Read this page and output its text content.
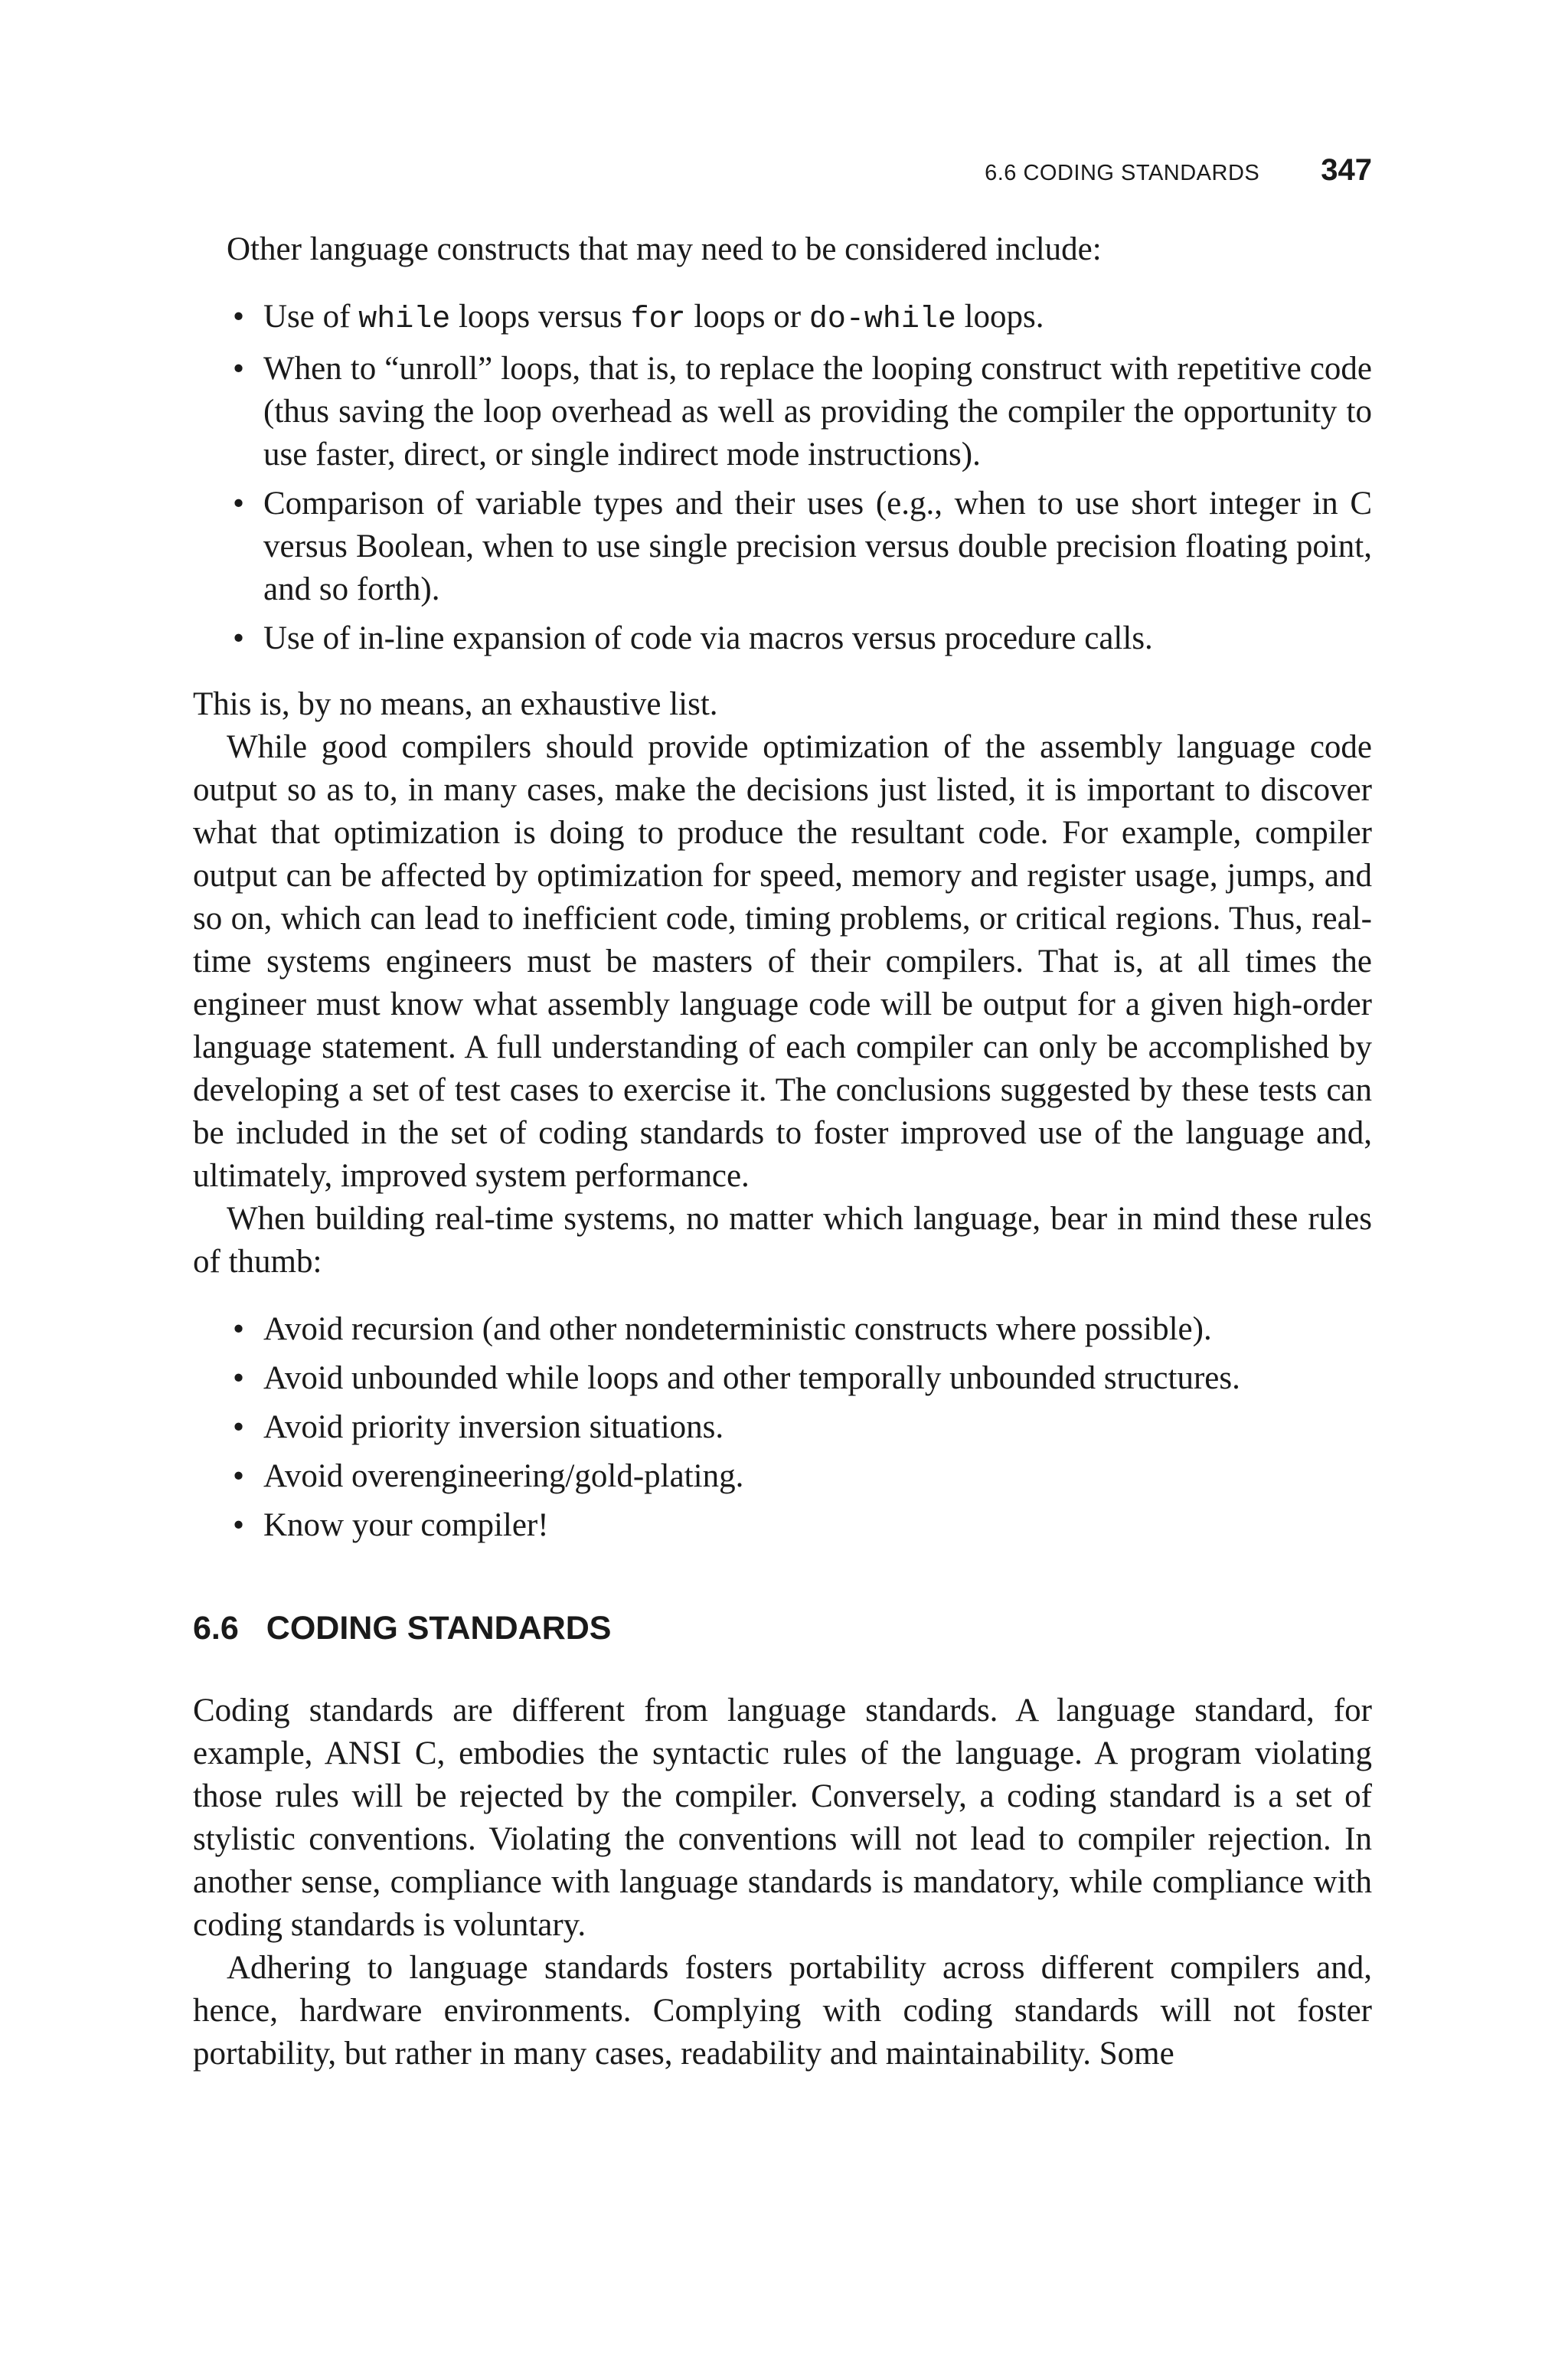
6.6 CODING STANDARDS 347

Other language constructs that may need to be considered include:

• Use of while loops versus for loops or do-while loops.
• When to “unroll” loops, that is, to replace the looping construct with repetitive code (thus saving the loop overhead as well as providing the compiler the opportunity to use faster, direct, or single indirect mode instructions).
• Comparison of variable types and their uses (e.g., when to use short integer in C versus Boolean, when to use single precision versus double precision floating point, and so forth).
• Use of in-line expansion of code via macros versus procedure calls.

This is, by no means, an exhaustive list.

While good compilers should provide optimization of the assembly language code output so as to, in many cases, make the decisions just listed, it is important to discover what that optimization is doing to produce the resultant code. For example, compiler output can be affected by optimization for speed, memory and register usage, jumps, and so on, which can lead to inefficient code, timing problems, or critical regions. Thus, real-time systems engineers must be masters of their compilers. That is, at all times the engineer must know what assembly language code will be output for a given high-order language statement. A full understanding of each compiler can only be accomplished by developing a set of test cases to exercise it. The conclusions suggested by these tests can be included in the set of coding standards to foster improved use of the language and, ultimately, improved system performance.

When building real-time systems, no matter which language, bear in mind these rules of thumb:

• Avoid recursion (and other nondeterministic constructs where possible).
• Avoid unbounded while loops and other temporally unbounded structures.
• Avoid priority inversion situations.
• Avoid overengineering/gold-plating.
• Know your compiler!
6.6 CODING STANDARDS

Coding standards are different from language standards. A language standard, for example, ANSI C, embodies the syntactic rules of the language. A program violating those rules will be rejected by the compiler. Conversely, a coding standard is a set of stylistic conventions. Violating the conventions will not lead to compiler rejection. In another sense, compliance with language standards is mandatory, while compliance with coding standards is voluntary.

Adhering to language standards fosters portability across different compilers and, hence, hardware environments. Complying with coding standards will not foster portability, but rather in many cases, readability and maintainability. Some
